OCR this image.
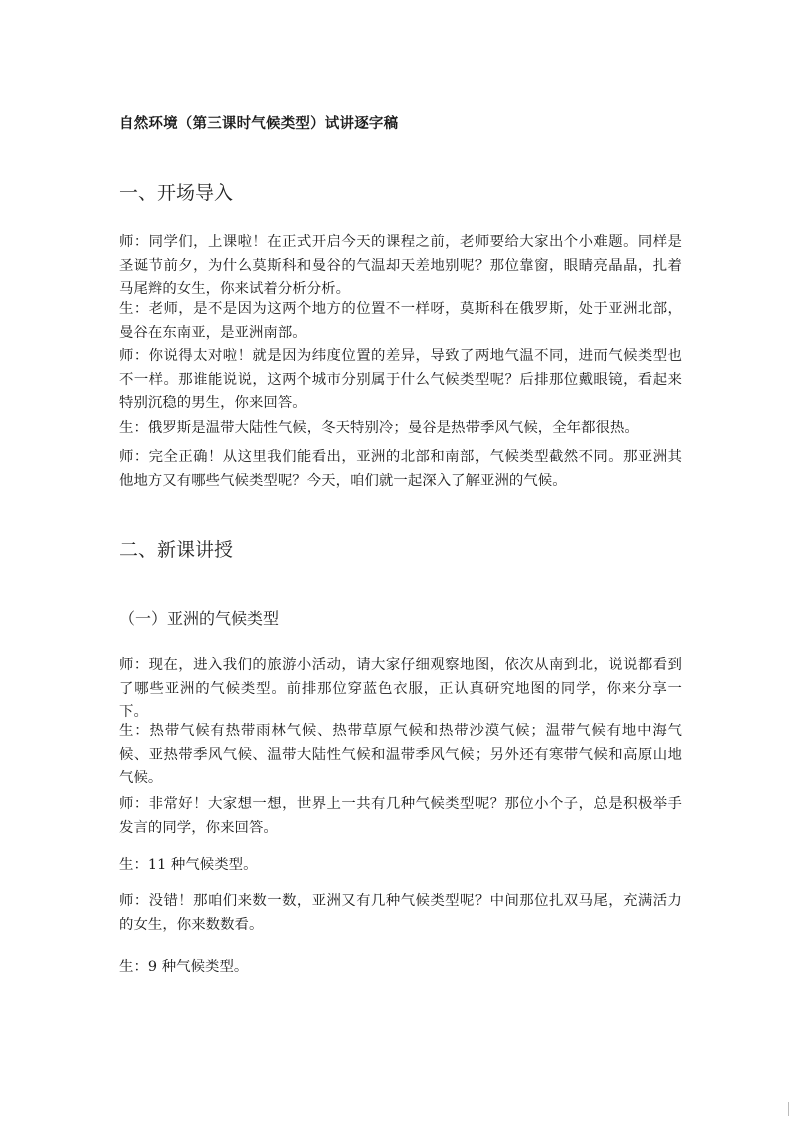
自然环境（第三课时气候类型）试讲逐字稿
一、开场导入

师：同学们，上课啦！在正式开启今天的课程之前，老师要给大家出个小难题。同样是圣诞节前夕，为什么莫斯科和曼谷的气温却天差地别呢？那位靠窗，眼睛亮晶晶，扎着马尾辫的女生，你来试着分析分析。

生：老师，是不是因为这两个地方的位置不一样呀，莫斯科在俄罗斯，处于亚洲北部，曼谷在东南亚，是亚洲南部。

师：你说得太对啦！就是因为纬度位置的差异，导致了两地气温不同，进而气候类型也不一样。那谁能说说，这两个城市分别属于什么气候类型呢？后排那位戴眼镜，看起来特别沉稳的男生，你来回答。

生：俄罗斯是温带大陆性气候，冬天特别冷；曼谷是热带季风气候，全年都很热。

师：完全正确！从这里我们能看出，亚洲的北部和南部，气候类型截然不同。那亚洲其他地方又有哪些气候类型呢？今天，咱们就一起深入了解亚洲的气候。

二、新课讲授
（一）亚洲的气候类型

师：现在，进入我们的旅游小活动，请大家仔细观察地图，依次从南到北，说说都看到了哪些亚洲的气候类型。前排那位穿蓝色衣服，正认真研究地图的同学，你来分享一下。

生：热带气候有热带雨林气候、热带草原气候和热带沙漠气候；温带气候有地中海气候、亚热带季风气候、温带大陆性气候和温带季风气候；另外还有寒带气候和高原山地气候。

师：非常好！大家想一想，世界上一共有几种气候类型呢？那位小个子，总是积极举手发言的同学，你来回答。

生：11 种气候类型。

师：没错！那咱们来数一数，亚洲又有几种气候类型呢？中间那位扎双马尾，充满活力的女生，你来数数看。

生：9 种气候类型。
